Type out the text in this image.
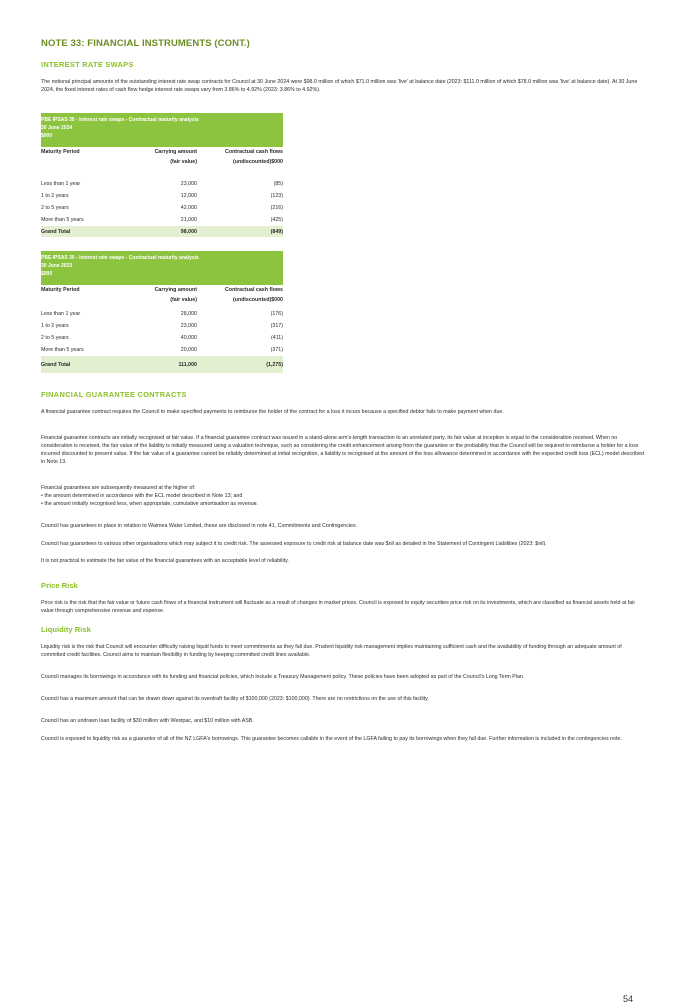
NOTE 33: FINANCIAL INSTRUMENTS (CONT.)
INTEREST RATE SWAPS

The notional principal amounts of the outstanding interest rate swap contracts for Council at 30 June 2024 were $98.0 million of which $71.0 million was 'live' at balance date (2023: $111.0 million of which $78.0 million was 'live' at balance date). At 30 June 2024, the fixed interest rates of cash flow hedge interest rate swaps vary from 3.86% to 4.92% (2023: 3.86% to 4.92%).

PBE IPSAS 30 - Interest rate swaps - Contractual maturity analysis
30 June 2024
$000		

Maturity Period	Carrying amount	Contractual cash flows
	(fair value)	(undiscounted)$000

Less than 1 year	23,000	(85)
1 to 2 years	12,000	(123)
2 to 5 years	42,000	(216)
More than 5 years	21,000	(425)
Grand Total	98,000	(849)
PBE IPSAS 30 - Interest rate swaps - Contractual maturity analysis
30 June 2023
$000		

Maturity Period	Carrying amount	Contractual cash flows
	(fair value)	(undiscounted)$000
Less than 1 year	28,000	(176)
1 to 2 years	23,000	(317)
2 to 5 years	40,000	(411)
More than 5 years	20,000	(371)
Grand Total	111,000	(1,275)
FINANCIAL GUARANTEE CONTRACTS

A financial guarantee contract requires the Council to make specified payments to reimburse the holder of the contract for a loss it incurs because a specified debtor fails to make payment when due.

Financial guarantee contracts are initially recognised at fair value. If a financial guarantee contract was issued in a stand-alone arm's-length transaction to an unrelated party, its fair value at inception is equal to the consideration received. When no consideration is received, the fair value of the liability is initially measured using a valuation technique, such as considering the credit enhancement arising from the guarantee or the probability that the Council will be required to reimburse a holder for a loss incurred discounted to present value. If the fair value of a guarantee cannot be reliably determined at initial recognition, a liability is recognised at the amount of the loss allowance determined in accordance with the expected credit loss (ECL) model described in Note 13.

Financial guarantees are subsequently measured at the higher of:

• the amount determined in accordance with the ECL model described in Note 13; and

• the amount initially recognised less, when appropriate, cumulative amortisation as revenue.

Council has guarantees in place in relation to Waimea Water Limited, these are disclosed in note 41, Commitments and Contingencies.

Council has guarantees to various other organisations which may subject it to credit risk. The assessed exposure to credit risk at balance date was $nil as detailed in the Statement of Contingent Liabilities (2023: $nil).

It is not practical to estimate the fair value of the financial guarantees with an acceptable level of reliability.

Price Risk

Price risk is the risk that the fair value or future cash flows of a financial instrument will fluctuate as a result of changes in market prices. Council is exposed to equity securities price risk on its investments, which are classified as financial assets held at fair value through comprehensive revenue and expense.

Liquidity Risk

Liquidity risk is the risk that Council will encounter difficulty raising liquid funds to meet commitments as they fall due. Prudent liquidity risk management implies maintaining sufficient cash and the availability of funding through an adequate amount of committed credit facilities. Council aims to maintain flexibility in funding by keeping committed credit lines available.

Council manages its borrowings in accordance with its funding and financial policies, which include a Treasury Management policy. These policies have been adopted as part of the Council's Long Term Plan.

Council has a maximum amount that can be drawn down against its overdraft facility of $100,000 (2023: $100,000). There are no restrictions on the use of this facility.

Council has an undrawn loan facility of $30 million with Westpac, and $10 million with ASB.

Council is exposed to liquidity risk as a guarantor of all of the NZ LGFA's borrowings. This guarantee becomes callable in the event of the LGFA failing to pay its borrowings when they fall due. Further information is included in the contingencies note.

54
